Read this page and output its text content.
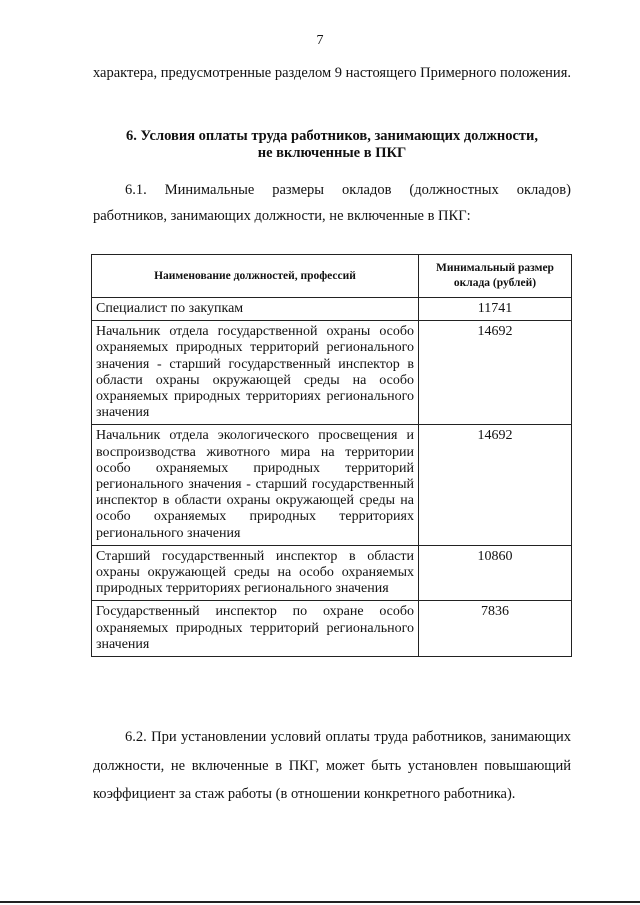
7

характера, предусмотренные разделом 9 настоящего Примерного положения.

6. Условия оплаты труда работников, занимающих должности,
не включенные в ПКГ

6.1. Минимальные размеры окладов (должностных окладов) работников, занимающих должности, не включенные в ПКГ:

Наименование должностей, профессий	Минимальный размер оклада (рублей)
Специалист по закупкам	11741
Начальник отдела государственной охраны особо охраняемых природных территорий регионального значения - старший государственный инспектор в области охраны окружающей среды на особо охраняемых природных территориях регионального значения	14692
Начальник отдела экологического просвещения и воспроизводства животного мира на территории особо охраняемых природных территорий регионального значения - старший государственный инспектор в области охраны окружающей среды на особо охраняемых природных территориях регионального значения	14692
Старший государственный инспектор в области охраны окружающей среды на особо охраняемых природных территориях регионального значения	10860
Государственный инспектор по охране особо охраняемых природных территорий регионального значения	7836

6.2. При установлении условий оплаты труда работников, занимающих должности, не включенные в ПКГ, может быть установлен повышающий коэффициент за стаж работы (в отношении конкретного работника).
